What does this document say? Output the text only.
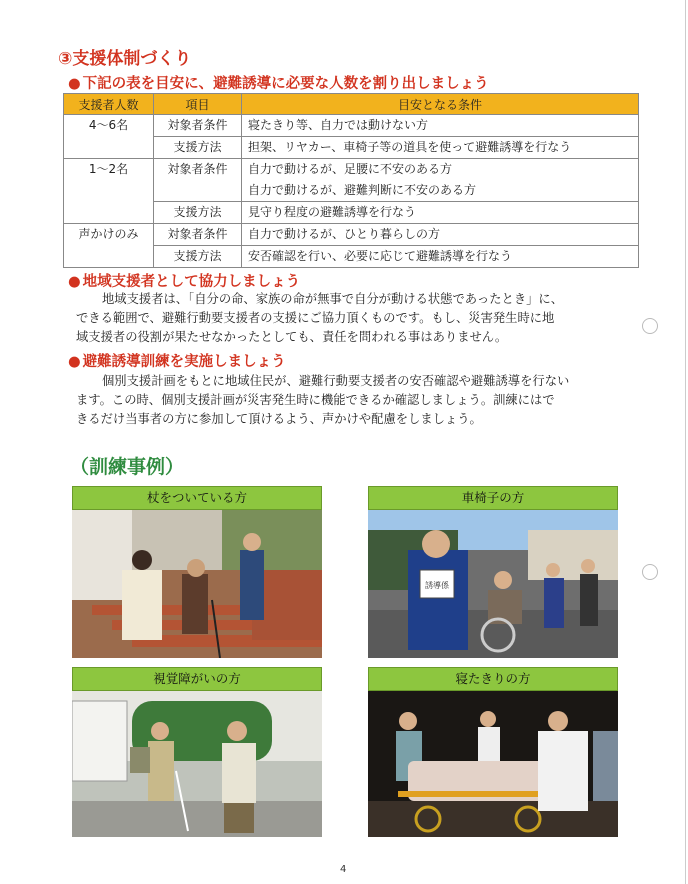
③支援体制づくり
● 下記の表を目安に、避難誘導に必要な人数を割り出しましょう
支援者人数	項目	目安となる条件
4～6名	対象者条件	寝たきり等、自力では動けない方
	支援方法	担架、リヤカー、車椅子等の道具を使って避難誘導を行なう
1～2名	対象者条件	自力で動けるが、足腰に不安のある方
		自力で動けるが、避難判断に不安のある方
	支援方法	見守り程度の避難誘導を行なう
声かけのみ	対象者条件	自力で動けるが、ひとり暮らしの方
	支援方法	安否確認を行い、必要に応じて避難誘導を行なう
● 地域支援者として協力しましょう

地域支援者は、「自分の命、家族の命が無事で自分が動ける状態であったとき」に、

できる範囲で、避難行動要支援者の支援にご協力頂くものです。もし、災害発生時に地

域支援者の役割が果たせなかったとしても、責任を問われる事はありません。

● 避難誘導訓練を実施しましょう

個別支援計画をもとに地域住民が、避難行動要支援者の安否確認や避難誘導を行ない

ます。この時、個別支援計画が災害発生時に機能できるか確認しましょう。訓練にはで

きるだけ当事者の方に参加して頂けるよう、声かけや配慮をしましょう。

（訓練事例）
杖をついている方	車椅子の方
誘導係
視覚障がいの方	寝たきりの方
4
